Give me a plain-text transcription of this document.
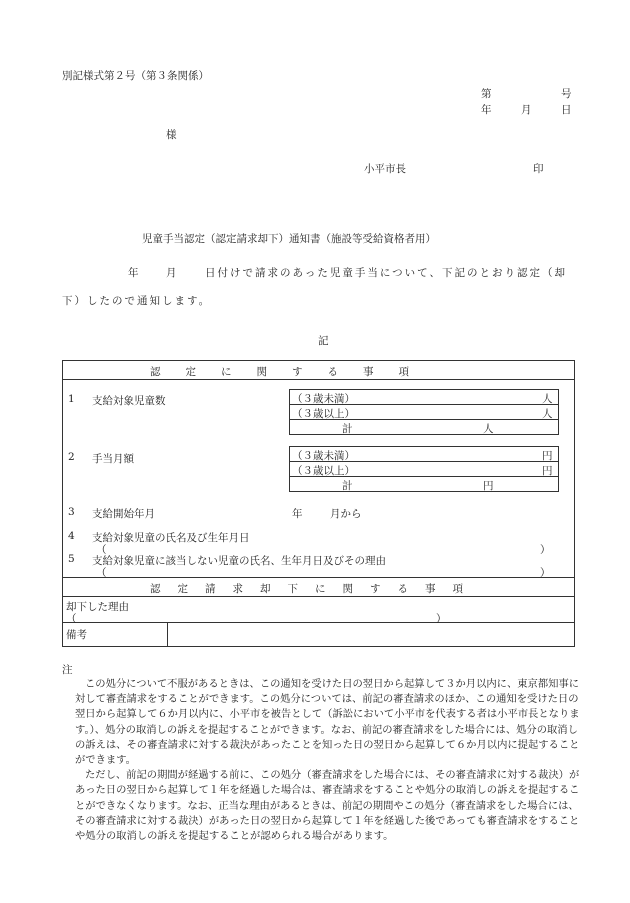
別記様式第２号（第３条関係）
第	号
年	月	日
様
小平市長	印
児童手当認定（認定請求却下）通知書（施設等受給資格者用）
年	月	日付けで請求のあった児童手当について、下記のとおり認定（却
下）したので通知します。
記
認定に関する事項
1 支給対象児童数	（３歳未満）	人
（３歳以上）	人
計	人
2 手当月額	（３歳未満）	円
（３歳以上）	円
計	円
3 支給開始年月	年	月から
4 支給対象児童の氏名及び生年月日
（	）
5 支給対象児童に該当しない児童の氏名、生年月日及びその理由
（	）
認定請求却下に関する事項
却下した理由
（	）
備考
注

この処分について不服があるときは、この通知を受けた日の翌日から起算して３か月以内に、東京都知事に対して審査請求をすることができます。この処分については、前記の審査請求のほか、この通知を受けた日の翌日から起算して６か月以内に、小平市を被告として（訴訟において小平市を代表する者は小平市長となります。）、処分の取消しの訴えを提起することができます。なお、前記の審査請求をした場合には、処分の取消しの訴えは、その審査請求に対する裁決があったことを知った日の翌日から起算して６か月以内に提起することができます。

ただし、前記の期間が経過する前に、この処分（審査請求をした場合には、その審査請求に対する裁決）があった日の翌日から起算して１年を経過した場合は、審査請求をすることや処分の取消しの訴えを提起することができなくなります。なお、正当な理由があるときは、前記の期間やこの処分（審査請求をした場合には、その審査請求に対する裁決）があった日の翌日から起算して１年を経過した後であっても審査請求をすることや処分の取消しの訴えを提起することが認められる場合があります。
